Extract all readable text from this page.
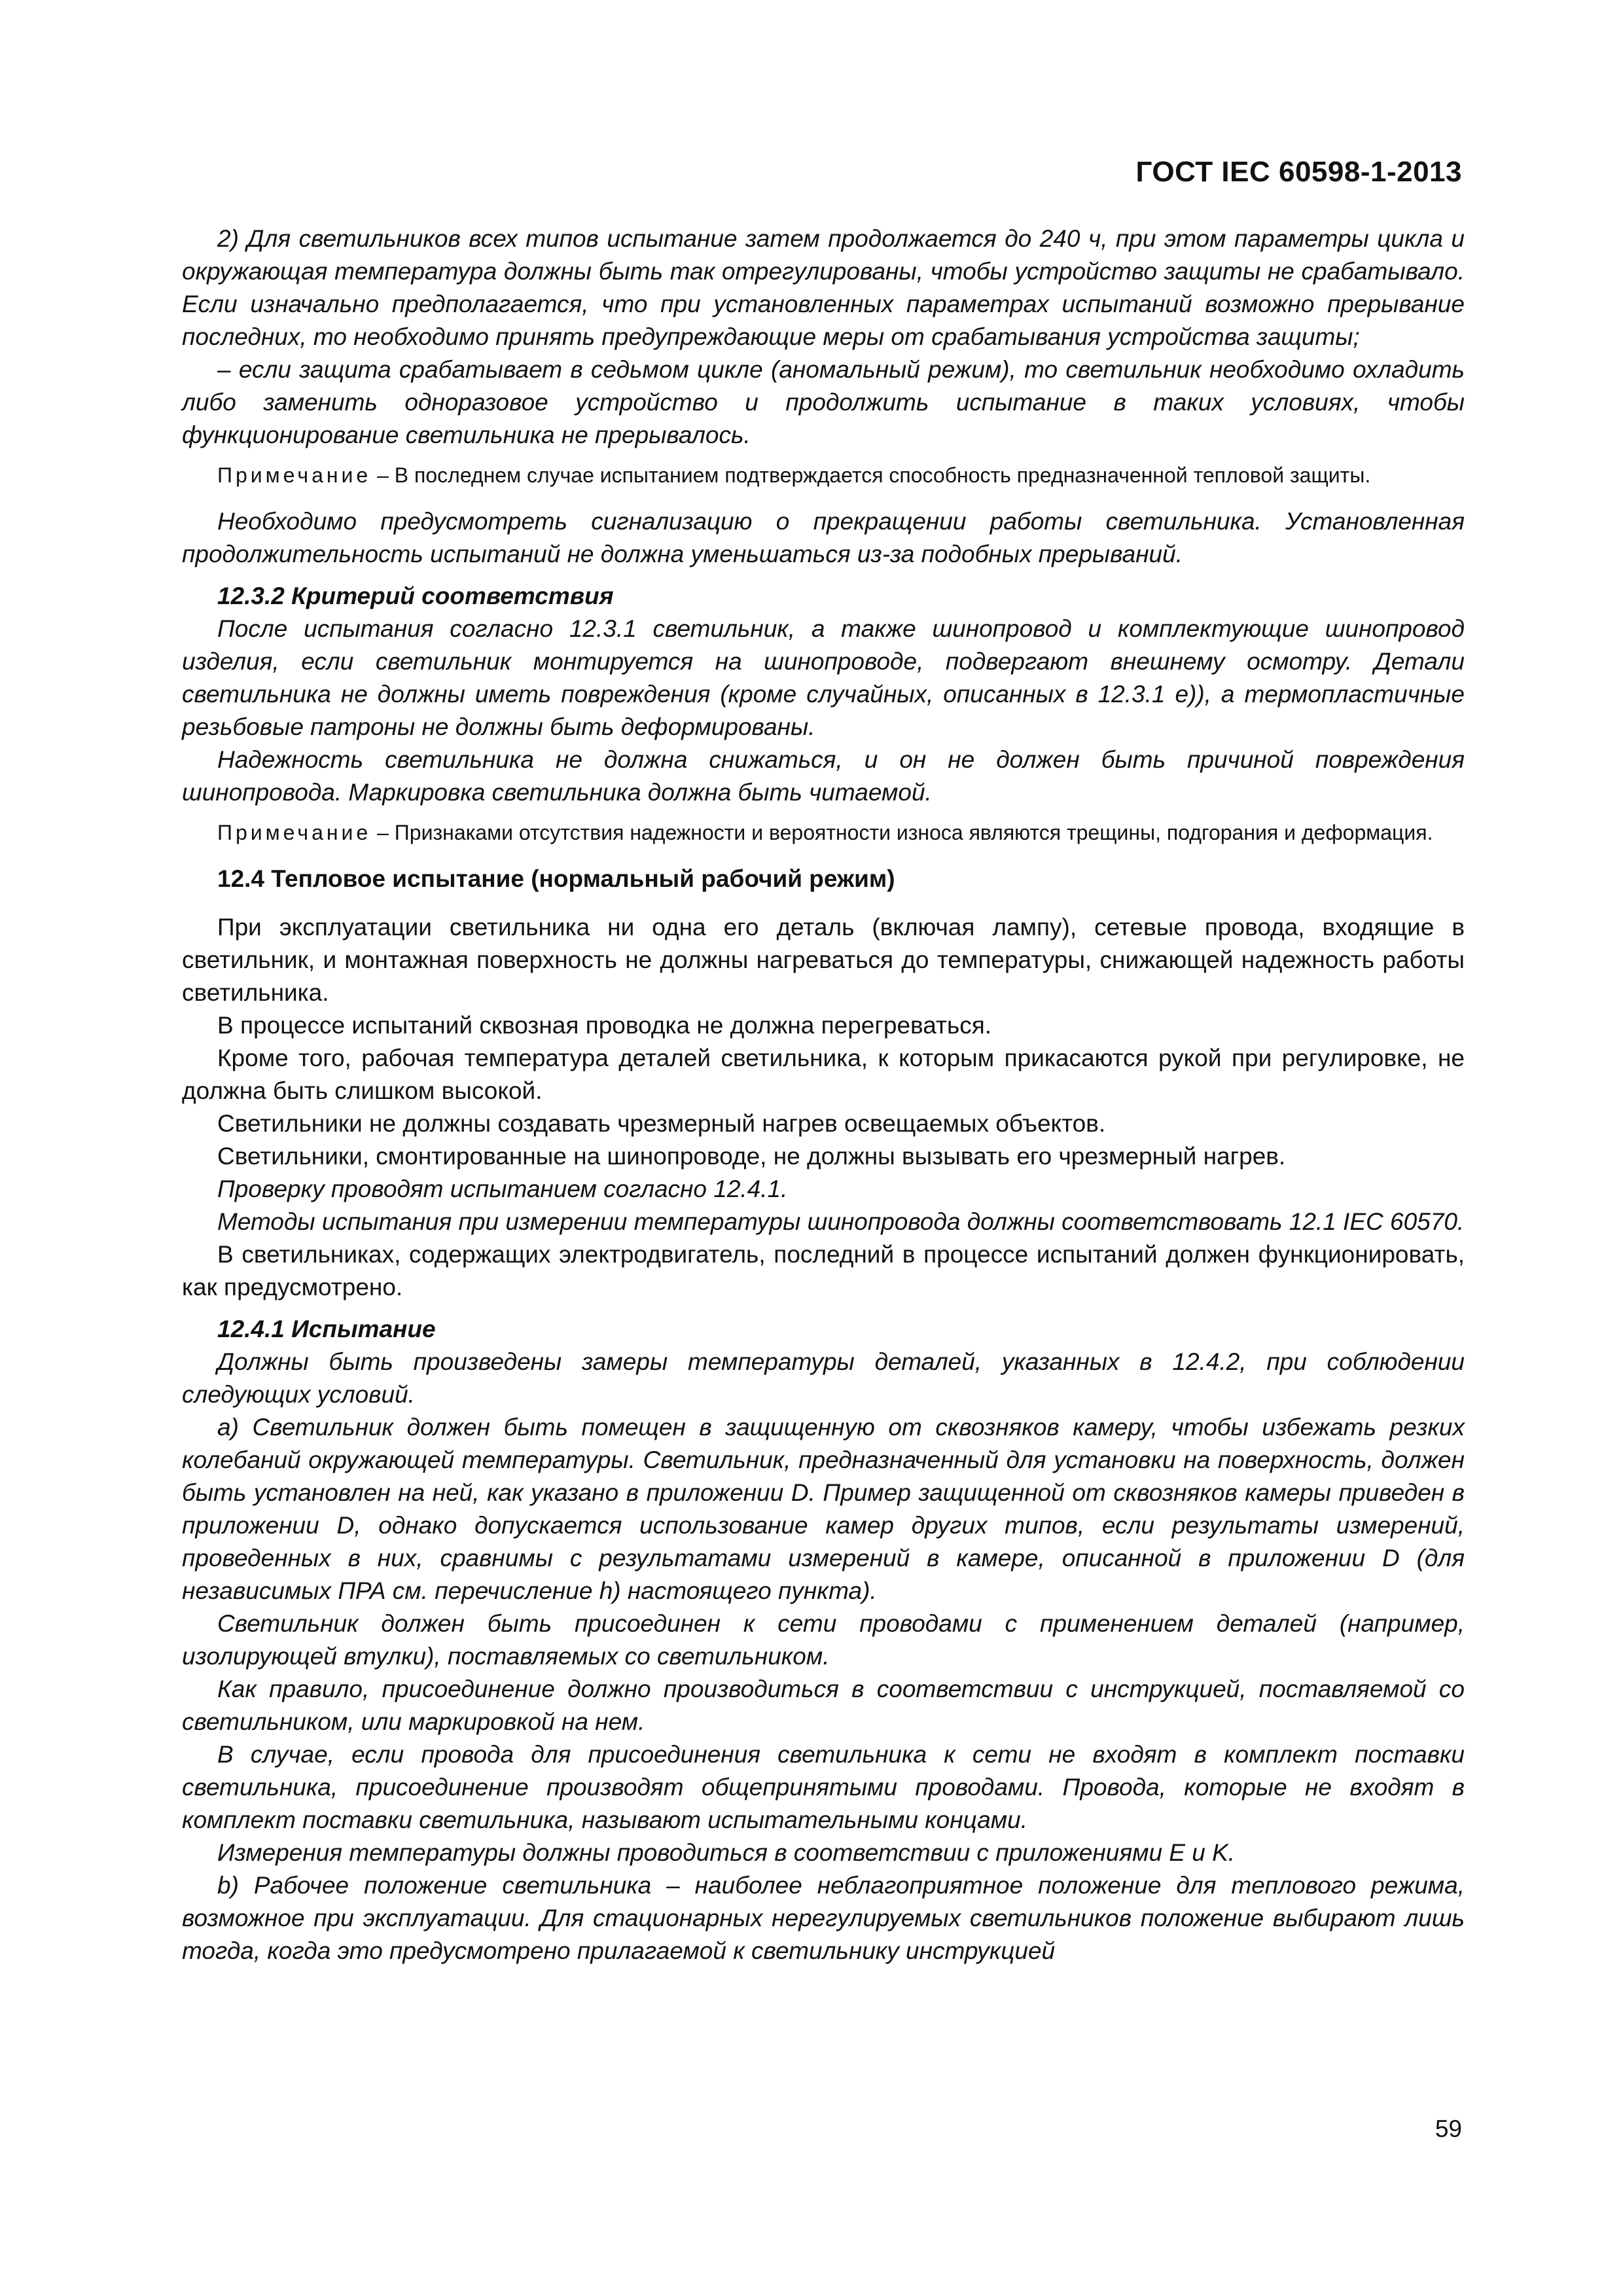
ГОСТ IEC 60598-1-2013

2) Для светильников всех типов испытание затем продолжается до 240 ч, при этом параметры цикла и окружающая температура должны быть так отрегулированы, чтобы устройство защиты не срабатывало. Если изначально предполагается, что при установленных параметрах испытаний возможно прерывание последних, то необходимо принять предупреждающие меры от срабатывания устройства защиты;

– если защита срабатывает в седьмом цикле (аномальный режим), то светильник необходимо охладить либо заменить одноразовое устройство и продолжить испытание в таких условиях, чтобы функционирование светильника не прерывалось.

Примечание – В последнем случае испытанием подтверждается способность предназначенной тепловой защиты.

Необходимо предусмотреть сигнализацию о прекращении работы светильника. Установленная продолжительность испытаний не должна уменьшаться из-за подобных прерываний.

12.3.2 Критерий соответствия

После испытания согласно 12.3.1 светильник, а также шинопровод и комплектующие шинопровод изделия, если светильник монтируется на шинопроводе, подвергают внешнему осмотру. Детали светильника не должны иметь повреждения (кроме случайных, описанных в 12.3.1 e)), а термопластичные резьбовые патроны не должны быть деформированы.

Надежность светильника не должна снижаться, и он не должен быть причиной повреждения шинопровода. Маркировка светильника должна быть читаемой.

Примечание – Признаками отсутствия надежности и вероятности износа являются трещины, подгорания и деформация.

12.4 Тепловое испытание (нормальный рабочий режим)

При эксплуатации светильника ни одна его деталь (включая лампу), сетевые провода, входящие в светильник, и монтажная поверхность не должны нагреваться до температуры, снижающей надежность работы светильника.

В процессе испытаний сквозная проводка не должна перегреваться.

Кроме того, рабочая температура деталей светильника, к которым прикасаются рукой при регулировке, не должна быть слишком высокой.

Светильники не должны создавать чрезмерный нагрев освещаемых объектов.

Светильники, смонтированные на шинопроводе, не должны вызывать его чрезмерный нагрев.

Проверку проводят испытанием согласно 12.4.1.

Методы испытания при измерении температуры шинопровода должны соответствовать 12.1 IEC 60570.

В светильниках, содержащих электродвигатель, последний в процессе испытаний должен функционировать, как предусмотрено.

12.4.1 Испытание

Должны быть произведены замеры температуры деталей, указанных в 12.4.2, при соблюдении следующих условий.

а) Светильник должен быть помещен в защищенную от сквозняков камеру, чтобы избежать резких колебаний окружающей температуры. Светильник, предназначенный для установки на поверхность, должен быть установлен на ней, как указано в приложении D. Пример защищенной от сквозняков камеры приведен в приложении D, однако допускается использование камер других типов, если результаты измерений, проведенных в них, сравнимы с результатами измерений в камере, описанной в приложении D (для независимых ПРА см. перечисление h) настоящего пункта).

Светильник должен быть присоединен к сети проводами с применением деталей (например, изолирующей втулки), поставляемых со светильником.

Как правило, присоединение должно производиться в соответствии с инструкцией, поставляемой со светильником, или маркировкой на нем.

В случае, если провода для присоединения светильника к сети не входят в комплект поставки светильника, присоединение производят общепринятыми проводами. Провода, которые не входят в комплект поставки светильника, называют испытательными концами.

Измерения температуры должны проводиться в соответствии с приложениями E и K.

b) Рабочее положение светильника – наиболее неблагоприятное положение для теплового режима, возможное при эксплуатации. Для стационарных нерегулируемых светильников положение выбирают лишь тогда, когда это предусмотрено прилагаемой к светильнику инструкцией

59
